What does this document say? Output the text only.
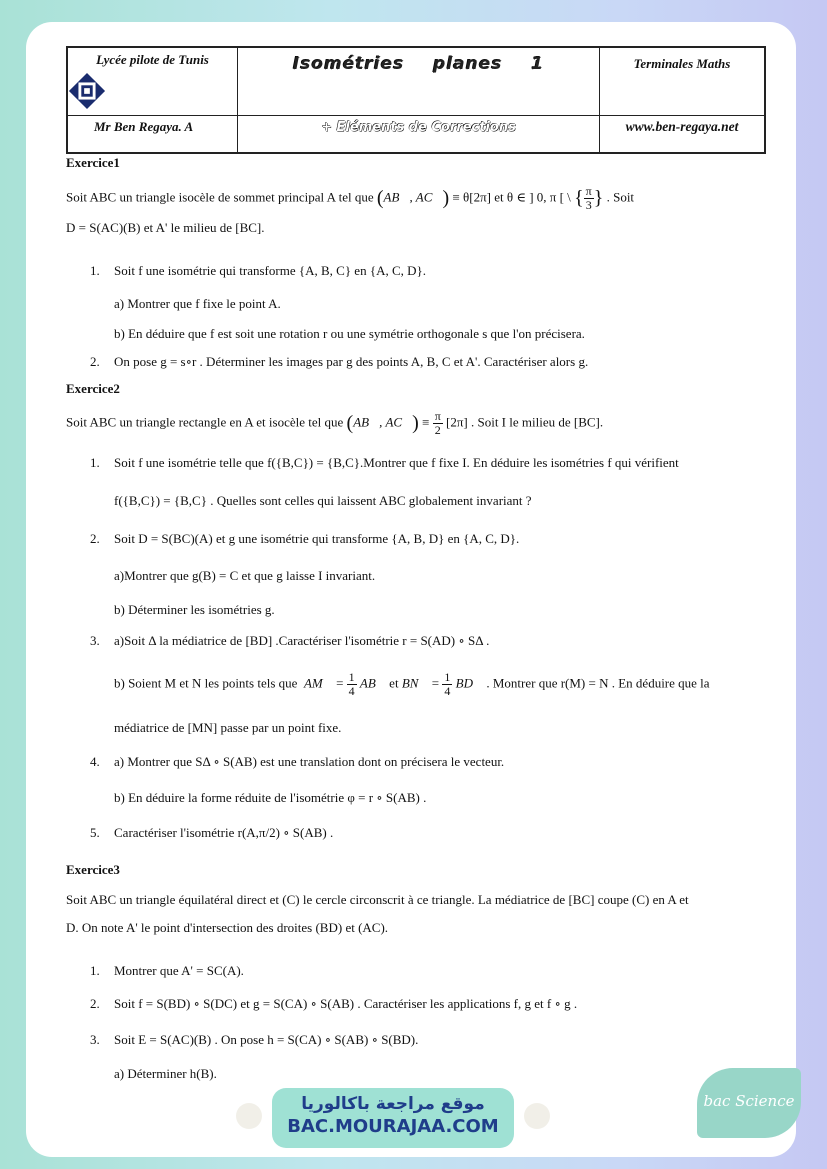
Lycée pilote de Tunis	Isométries planes 1	Terminales Maths
Mr Ben Regaya. A	+ Eléments de Corrections	www.ben-regaya.net
Exercice1
Soit ABC un triangle isocèle de sommet principal A tel que (AB⃗, AC⃗) ≡ θ[2π] et θ ∈ ] 0, π [ \ { $\frac{\pi}{3}$ } . Soit
D = S(AC)(B) et A' le milieu de [BC].
1. Soit f une isométrie qui transforme {A, B, C} en {A, C, D}.
a) Montrer que f fixe le point A.
b) En déduire que f est soit une rotation r ou une symétrie orthogonale s que l'on précisera.
2. On pose g = s∘r . Déterminer les images par g des points A, B, C et A'. Caractériser alors g.
Exercice2
Soit ABC un triangle rectangle en A et isocèle tel que (AB⃗, AC⃗) ≡ $\frac{\pi}{2} [2\pi]$ . Soit I le milieu de [BC].
1. Soit f une isométrie telle que f({B,C}) = {B,C}.Montrer que f fixe I. En déduire les isométries f qui vérifient
f({B,C}) = {B,C} . Quelles sont celles qui laissent ABC globalement invariant ?
2. Soit D = S(BC)(A) et g une isométrie qui transforme {A, B, D} en {A, C, D}.
a)Montrer que g(B) = C et que g laisse I invariant.
b) Déterminer les isométries g.
3. a)Soit Δ la médiatrice de [BD] .Caractériser l'isométrie r = S(AD) ∘ SΔ .
b) Soient M et N les points tels que AM⃗ = $\frac{1}{4}$ AB⃗ et BN⃗ = $\frac{1}{4}$ BD⃗ . Montrer que r(M) = N . En déduire que la
médiatrice de [MN] passe par un point fixe.
4. a) Montrer que SΔ ∘ S(AB) est une translation dont on précisera le vecteur.
b) En déduire la forme réduite de l'isométrie φ = r ∘ S(AB) .
5. Caractériser l'isométrie r(A,π/2) ∘ S(AB) .
Exercice3
Soit ABC un triangle équilatéral direct et (C) le cercle circonscrit à ce triangle. La médiatrice de [BC] coupe (C) en A et
D. On note A' le point d'intersection des droites (BD) et (AC).
1. Montrer que A' = SC(A).
2. Soit f = S(BD) ∘ S(DC) et g = S(CA) ∘ S(AB) . Caractériser les applications f, g et f ∘ g .
3. Soit E = S(AC)(B) . On pose h = S(CA) ∘ S(AB) ∘ S(BD).
a) Déterminer h(B).
موقع مراجعة باكالوريا
BAC.MOURAJAA.COM
bac Science
